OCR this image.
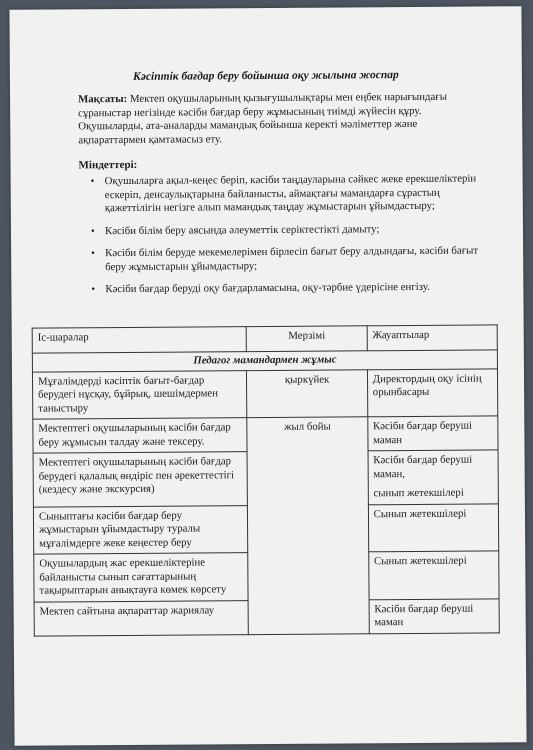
Кәсіптік бағдар беру бойынша оқу жылына жоспар
Мақсаты: Мектеп оқушыларының қызығушылықтары мен еңбек нарығындағы сұраныстар негізінде кәсіби бағдар беру жұмысының тиімді жүйесін құру. Оқушыларды, ата-аналарды мамандық бойынша керекті мәліметтер және ақпараттармен қамтамасыз ету.
Міндеттері:
• Оқушыларға ақыл-кеңес беріп, кәсіби таңдауларына сәйкес жеке ерекшеліктерін ескеріп, денсаулықтарына байланысты, аймақтағы мамандарға сұрастың қажеттілігін негізге алып мамандық таңдау жұмыстарын ұйымдастыру;
• Кәсіби білім беру аясында әлеуметтік серіктестікті дамыту;
• Кәсіби білім беруде мекемелерімен бірлесіп бағыт беру алдындағы, кәсіби бағыт беру жұмыстарын ұйымдастыру;
• Кәсіби бағдар беруді оқу бағдарламасына, оқу-тәрбие үдерісіне енгізу.
Іс-шаралар	Мерзімі	Жауаптылар
Педагог мамандармен жұмыс		
Мұғалімдерді кәсіптік бағыт-бағдар берудегі нұсқау, бұйрық, шешімдермен таныстыру	қыркүйек	Директордың оқу ісінің орынбасары
Мектептегі оқушыларының кәсіби бағдар беру жұмысын талдау және тексеру.	жыл бойы	Кәсіби бағдар беруші маман
Мектептегі оқушыларының кәсіби бағдар берудегі қалалық өндіріс пен әрекеттестігі (кездесу және экскурсия)		Кәсіби бағдар беруші маман,
сынып жетекшілері

Сыныптағы кәсіби бағдар беру жұмыстарын ұйымдастыру туралы мұғалімдерге жеке кеңестер беру		Сынып жетекшілері
Оқушылардың жас ерекшеліктеріне байланысты сынып сағаттарының тақырыптарын анықтауға көмек көрсету		Сынып жетекшілері
Мектеп сайтына ақпараттар жариялау		Кәсіби бағдар беруші маман
